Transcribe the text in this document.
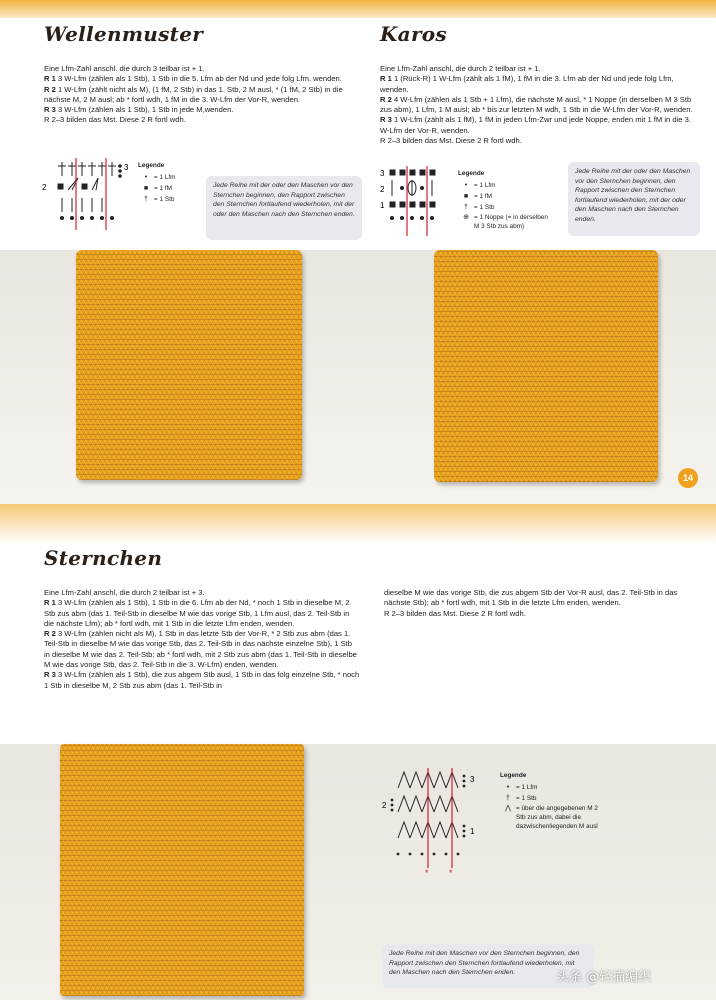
Wellenmuster

Eine Lfm-Zahl anschl. die durch 3 teilbar ist + 1.

R 1 3 W-Lfm (zählen als 1 Stb), 1 Stb in die 5. Lfm ab der Nd und jede folg Lfm. wenden.

R 2 1 W-Lfm (zählt nicht als M), (1 fM, 2 Stb) in das 1. Stb, 2 M ausl, * (1 fM, 2 Stb) in die nächste M, 2 M ausl; ab * fortl wdh, 1 fM in die 3. W-Lfm der Vor-R, wenden.

R 3 3 W-Lfm (zählen als 1 Stb), 1 Stb in jede M,wenden.

R 2–3 bilden das Mst. Diese 2 R fortl wdh.

3
2
Legende
•	= 1 Lfm
■ = 1 fM
† = 1 Stb
Jede Reihe mit der oder den Maschen vor den Sternchen beginnen, den Rapport zwischen den Sternchen fortlaufend wiederholen, mit der oder den Maschen nach den Sternchen enden.
Karos

Eine Lfm-Zahl anschl, die durch 2 teilbar ist + 1.

R 1 1 (Rück-R) 1 W-Lfm (zählt als 1 fM), 1 fM in die 3. Lfm ab der Nd und jede folg Lfm, wenden.

R 2 4 W-Lfm (zählen als 1 Stb + 1 Lfm), die nächste M ausl, * 1 Noppe (in derselben M 3 Stb zus abm), 1 Lfm, 1 M ausl; ab * bis zur letzten M wdh, 1 Stb in die W-Lfm der Vor-R, wenden.

R 3 1 W-Lfm (zählt als 1 fM), 1 fM in jeden Lfm-Zwr und jede Noppe, enden mit 1 fM in die 3. W-Lfm der Vor-R, wenden.

R 2–3 bilden das Mst. Diese 2 R fortl wdh.

3
2
1
Legende
•	= 1 Lfm
■ = 1 fM
† = 1 Stb
⊕ = 1 Noppe (= in derselben M 3 Stb zus abm)
Jede Reihe mit der oder den Maschen vor den Sternchen beginnen, den Rapport zwischen den Sternchen fortlaufend wiederholen, mit der oder den Maschen nach den Sternchen enden.
14
Sternchen

Eine Lfm-Zahl anschl, die durch 2 teilbar ist + 3.

R 1 3 W-Lfm (zählen als 1 Stb), 1 Stb in die 6. Lfm ab der Nd, * noch 1 Stb in dieselbe M, 2 Stb zus abm (das 1. Teil-Stb in dieselbe M wie das vorige Stb, 1 Lfm ausl, das 2. Teil-Stb in die nächste Lfm); ab * fortl wdh, mit 1 Stb in die letzte Lfm enden, wenden.

R 2 3 W-Lfm (zählen nicht als M), 1 Stb in das letzte Stb der Vor-R, * 2 Stb zus abm (das 1. Teil-Stb in dieselbe M wie das vorige Stb, das 2. Teil-Stb in das nächste einzelne Stb), 1 Stb in dieselbe M wie das 2. Teil-Stb; ab * fortl wdh, mit 2 Stb zus abm (das 1. Teil-Stb in dieselbe M wie das vorige Stb, das 2. Teil-Stb in die 3. W-Lfm) enden, wenden.

R 3 3 W-Lfm (zählen als 1 Stb), die zus abgem Stb ausl, 1 Stb in das folg einzelne Stb, * noch 1 Stb in dieselbe M, 2 Stb zus abm (das 1. Teil-Stb in

dieselbe M wie das vorige Stb, die zus abgem Stb der Vor-R ausl, das 2. Teil-Stb in das nächste Stb); ab * fortl wdh, mit 1 Stb in die letzte Lfm enden, wenden.

R 2–3 bilden das Mst. Diese 2 R fortl wdh.

* *
3
2
1
Legende
•	= 1 Lfm
† = 1 Stb
⋀ = über die angegebenen M 2 Stb zus abm, dabei die dazwischenliegenden M ausl
Jede Reihe mit den Maschen vor den Sternchen beginnen, den Rapport zwischen den Sternchen fortlaufend wiederholen, mit den Maschen nach den Sternchen enden.	头条 @轻描编织
